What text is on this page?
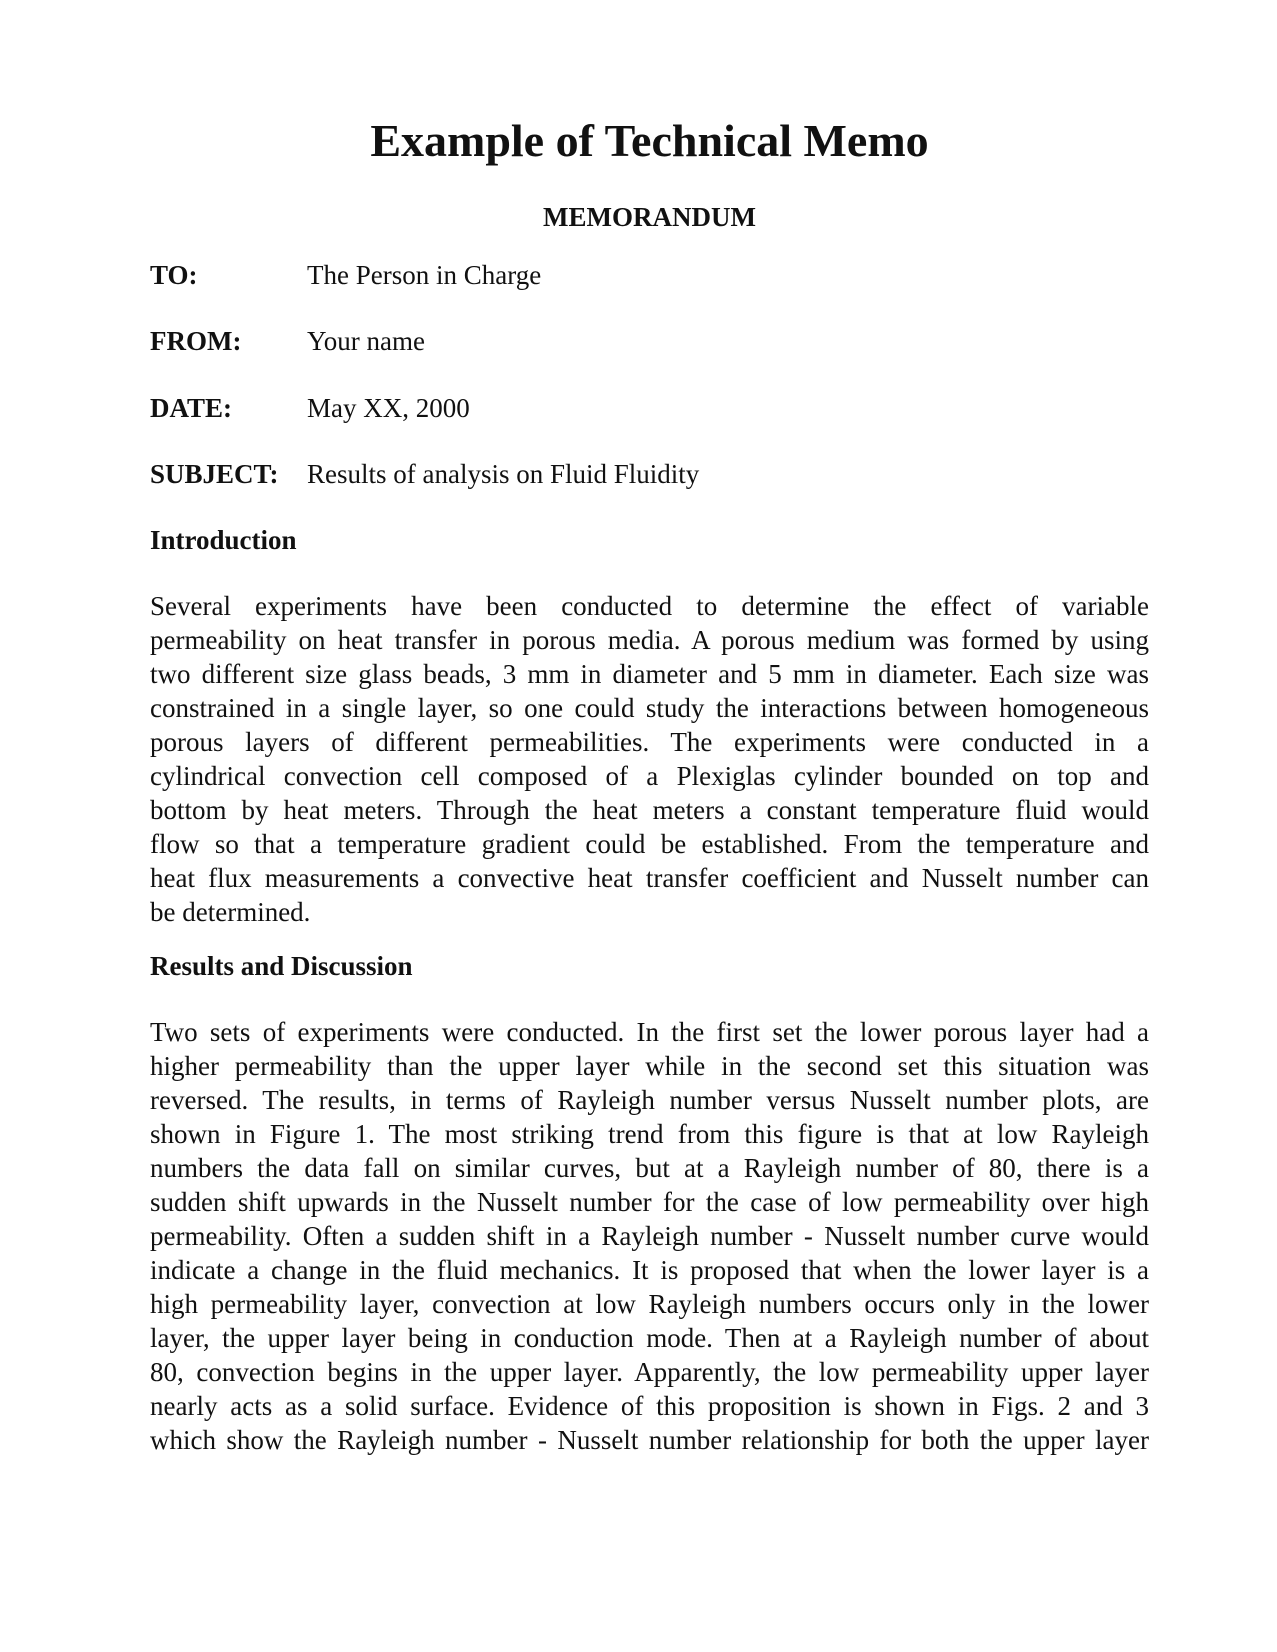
Example of Technical Memo
MEMORANDUM
TO:	The Person in Charge
FROM:	Your name
DATE:	May XX, 2000
SUBJECT:	Results of analysis on Fluid Fluidity
Introduction
Several experiments have been conducted to determine the effect of variable
permeability on heat transfer in porous media. A porous medium was formed by using
two different size glass beads, 3 mm in diameter and 5 mm in diameter. Each size was
constrained in a single layer, so one could study the interactions between homogeneous
porous layers of different permeabilities. The experiments were conducted in a
cylindrical convection cell composed of a Plexiglas cylinder bounded on top and
bottom by heat meters. Through the heat meters a constant temperature fluid would
flow so that a temperature gradient could be established. From the temperature and
heat flux measurements a convective heat transfer coefficient and Nusselt number can
be determined.
Results and Discussion
Two sets of experiments were conducted. In the first set the lower porous layer had a
higher permeability than the upper layer while in the second set this situation was
reversed. The results, in terms of Rayleigh number versus Nusselt number plots, are
shown in Figure 1. The most striking trend from this figure is that at low Rayleigh
numbers the data fall on similar curves, but at a Rayleigh number of 80, there is a
sudden shift upwards in the Nusselt number for the case of low permeability over high
permeability. Often a sudden shift in a Rayleigh number - Nusselt number curve would
indicate a change in the fluid mechanics. It is proposed that when the lower layer is a
high permeability layer, convection at low Rayleigh numbers occurs only in the lower
layer, the upper layer being in conduction mode. Then at a Rayleigh number of about
80, convection begins in the upper layer. Apparently, the low permeability upper layer
nearly acts as a solid surface. Evidence of this proposition is shown in Figs. 2 and 3
which show the Rayleigh number - Nusselt number relationship for both the upper layer
